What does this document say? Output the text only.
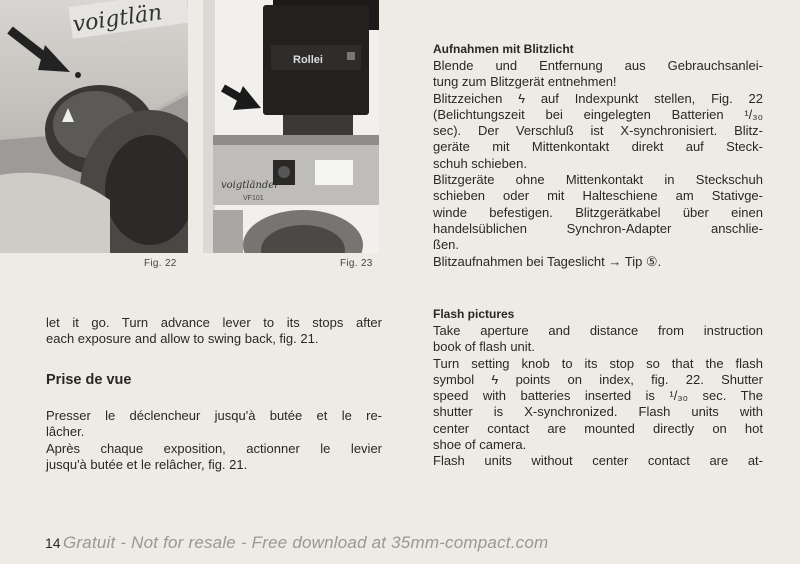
voigtlän
Fig. 22
Rollei
voigtländer
VF101
Fig. 23
let it go. Turn advance lever to its stops after
each exposure and allow to swing back, fig. 21.
Prise de vue
Presser le déclencheur jusqu'à butée et le re-
lâcher.
Après chaque exposition, actionner le levier
jusqu'à butée et le relâcher, fig. 21.
Aufnahmen mit Blitzlicht
Blende und Entfernung aus Gebrauchsanlei-
tung zum Blitzgerät entnehmen!
Blitzzeichen ϟ auf Indexpunkt stellen, Fig. 22
(Belichtungszeit bei eingelegten Batterien ¹/₃₀
sec). Der Verschluß ist X-synchronisiert. Blitz-
geräte mit Mittenkontakt direkt auf Steck-
schuh schieben.
Blitzgeräte ohne Mittenkontakt in Steckschuh
schieben oder mit Halteschiene am Stativge-
winde befestigen. Blitzgerätkabel über einen
handelsüblichen Synchron-Adapter anschlie-
ßen.
Blitzaufnahmen bei Tageslicht → Tip ⑤.
Flash pictures
Take aperture and distance from instruction
book of flash unit.
Turn setting knob to its stop so that the flash
symbol ϟ points on index, fig. 22. Shutter
speed with batteries inserted is ¹/₃₀ sec. The
shutter is X-synchronized. Flash units with
center contact are mounted directly on hot
shoe of camera.
Flash units without center contact are at-
14 Gratuit - Not for resale - Free download at 35mm-compact.com
